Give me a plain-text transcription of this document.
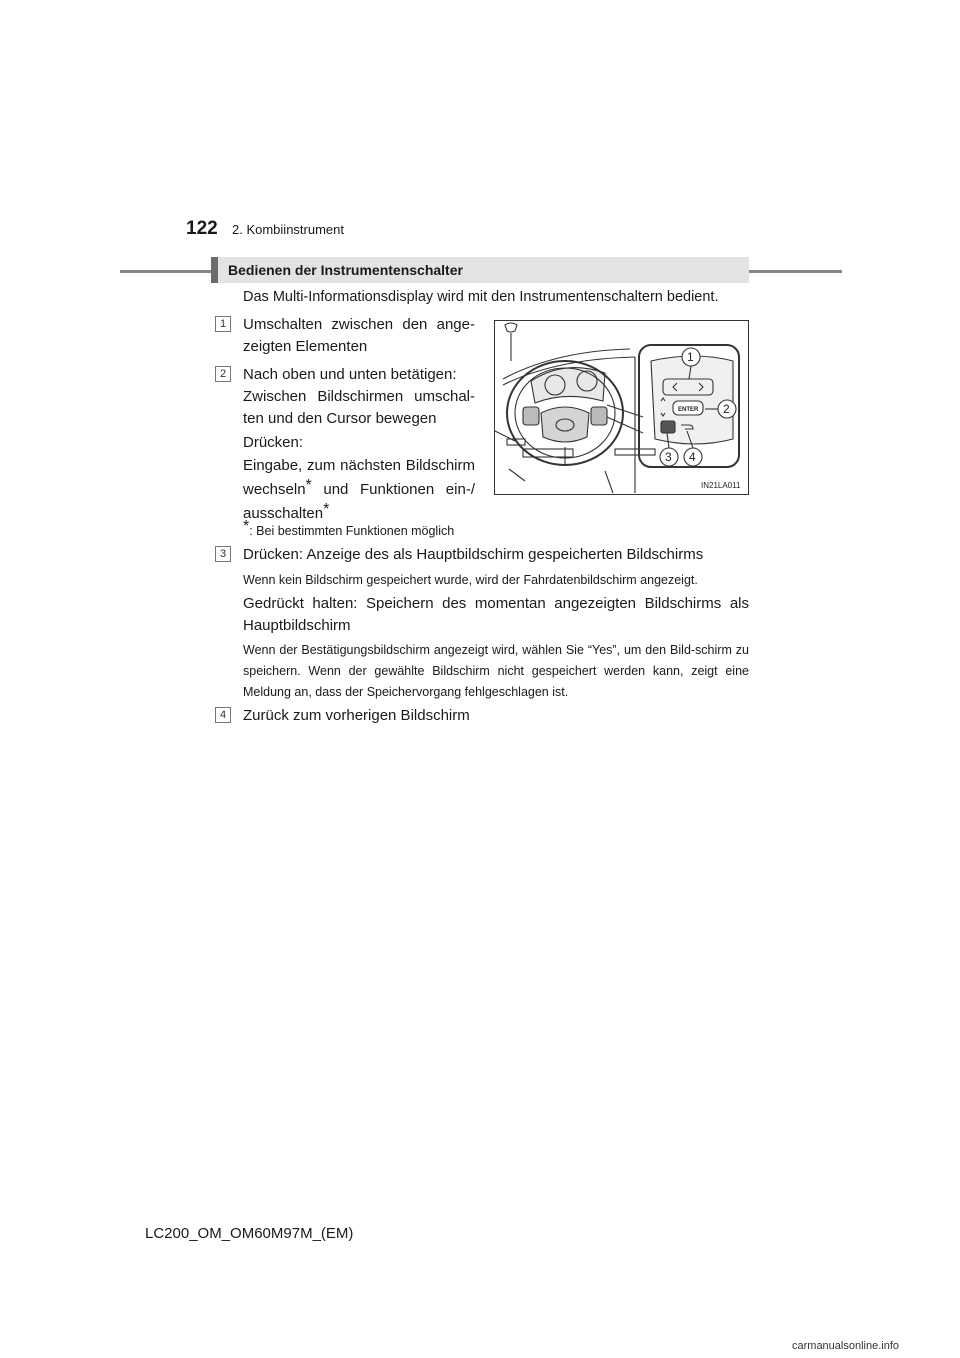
122 2. Kombiinstrument
Bedienen der Instrumentenschalter
Das Multi-Informationsdisplay wird mit den Instrumentenschaltern bedient.
1	Umschalten zwischen den ange-zeigten Elementen
2	Nach oben und unten betätigen:
Zwischen Bildschirmen umschal-ten und den Cursor bewegen
Drücken:
Eingabe, zum nächsten Bildschirm wechseln* und Funktionen ein-/ ausschalten*
*: Bei bestimmten Funktionen möglich
1
2
3 4
ENTER
IN21LA011
3	Drücken: Anzeige des als Hauptbildschirm gespeicherten Bildschirms
Wenn kein Bildschirm gespeichert wurde, wird der Fahrdatenbildschirm angezeigt.
Gedrückt halten: Speichern des momentan angezeigten Bildschirms als Hauptbildschirm
Wenn der Bestätigungsbildschirm angezeigt wird, wählen Sie “Yes”, um den Bild-schirm zu speichern. Wenn der gewählte Bildschirm nicht gespeichert werden kann, zeigt eine Meldung an, dass der Speichervorgang fehlgeschlagen ist.
4	Zurück zum vorherigen Bildschirm
LC200_OM_OM60M97M_(EM)
carmanualsonline.info
